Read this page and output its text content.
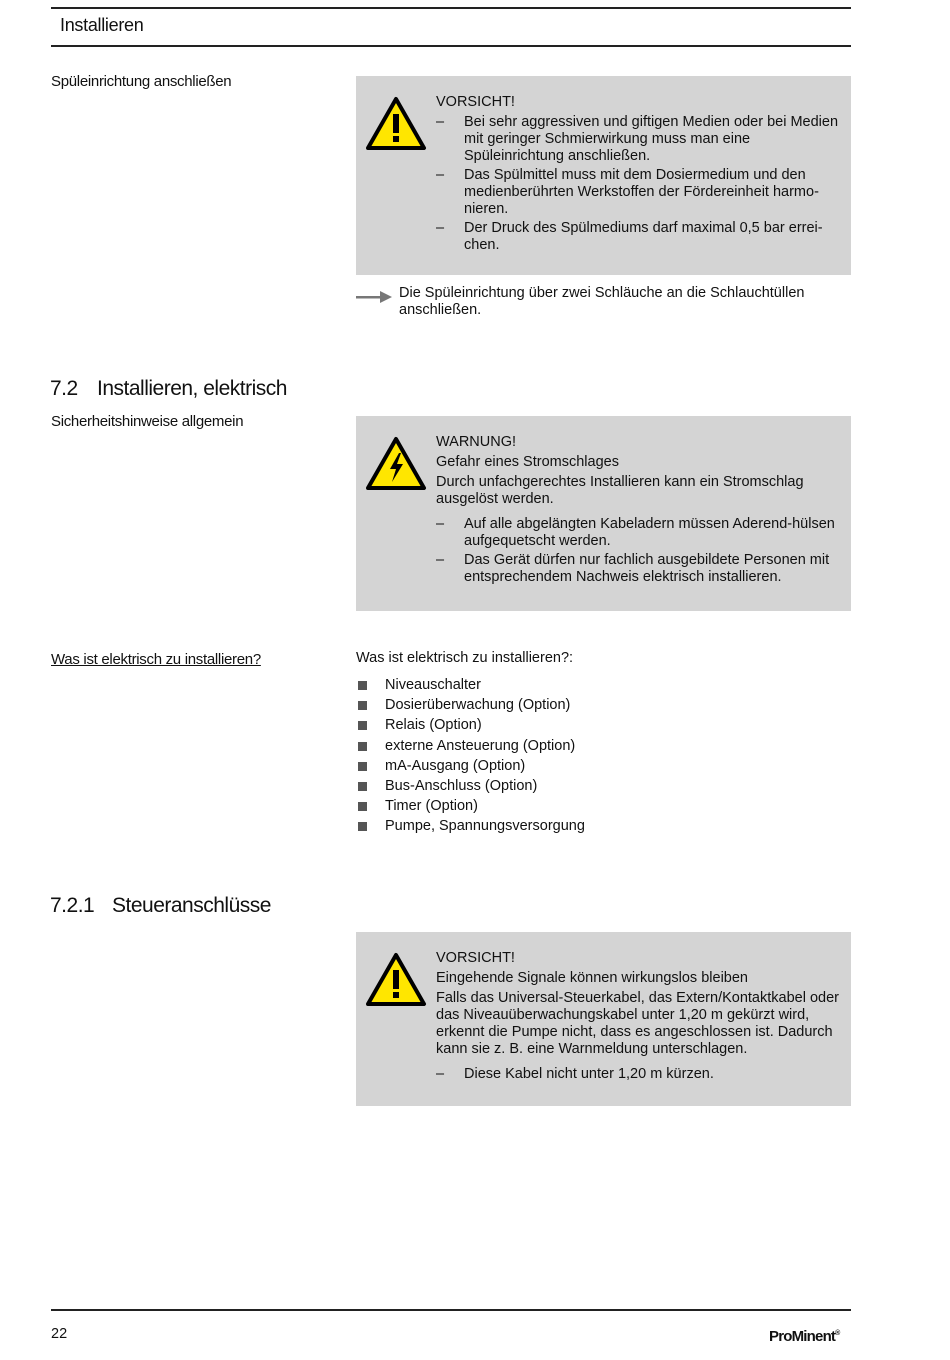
Installieren
Spüleinrichtung anschließen
VORSICHT!
– Bei sehr aggressiven und giftigen Medien oder bei Medien mit geringer Schmierwirkung muss man eine Spüleinrichtung anschließen.
– Das Spülmittel muss mit dem Dosiermedium und den medienberührten Werkstoffen der Fördereinheit harmo-nieren.
– Der Druck des Spülmediums darf maximal 0,5 bar errei-chen.
Die Spüleinrichtung über zwei Schläuche an die Schlauchtüllen anschließen.
7.2 Installieren, elektrisch
Sicherheitshinweise allgemein
WARNUNG!
Gefahr eines Stromschlages
Durch unfachgerechtes Installieren kann ein Stromschlag ausgelöst werden.
– Auf alle abgelängten Kabeladern müssen Aderend-hülsen aufgequetscht werden.
– Das Gerät dürfen nur fachlich ausgebildete Personen mit entsprechendem Nachweis elektrisch installieren.
Was ist elektrisch zu installieren?	Was ist elektrisch zu installieren?:
Niveauschalter
Dosierüberwachung (Option)
Relais (Option)
externe Ansteuerung (Option)
mA-Ausgang (Option)
Bus-Anschluss (Option)
Timer (Option)
Pumpe, Spannungsversorgung
7.2.1 Steueranschlüsse
VORSICHT!
Eingehende Signale können wirkungslos bleiben
Falls das Universal-Steuerkabel, das Extern/Kontaktkabel oder das Niveauüberwachungskabel unter 1,20 m gekürzt wird, erkennt die Pumpe nicht, dass es angeschlossen ist. Dadurch kann sie z. B. eine Warnmeldung unterschlagen.
– Diese Kabel nicht unter 1,20 m kürzen.
22	ProMinent®
